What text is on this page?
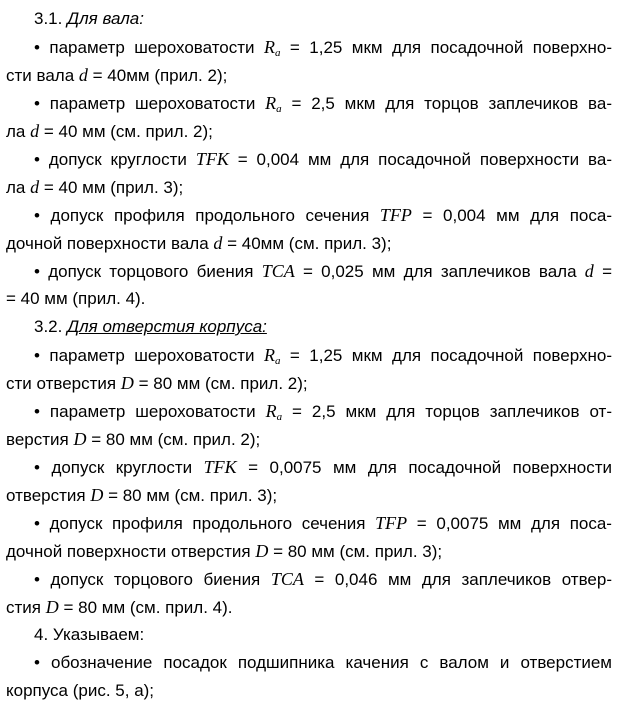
3.1. Для вала:
• параметр шероховатости $R_a = 1,25$ мкм для посадочной поверхно-
сти вала d = 40мм (прил. 2);
• параметр шероховатости $R_a = 2,5$ мкм для торцов заплечиков ва-
ла d = 40 мм (см. прил. 2);
• допуск круглости TFK = 0,004 мм для посадочной поверхности ва-
ла d = 40 мм (прил. 3);
• допуск профиля продольного сечения TFP = 0,004 мм для поса-
дочной поверхности вала d = 40мм (см. прил. 3);
• допуск торцового биения TCA = 0,025 мм для заплечиков вала d =
= 40 мм (прил. 4).
3.2. Для отверстия корпуса:
• параметр шероховатости $R_a = 1,25$ мкм для посадочной поверхно-
сти отверстия D = 80 мм (см. прил. 2);
• параметр шероховатости $R_a = 2,5$ мкм для торцов заплечиков от-
верстия D = 80 мм (см. прил. 2);
• допуск круглости TFK = 0,0075 мм для посадочной поверхности
отверстия D = 80 мм (см. прил. 3);
• допуск профиля продольного сечения TFP = 0,0075 мм для поса-
дочной поверхности отверстия D = 80 мм (см. прил. 3);
• допуск торцового биения TCA = 0,046 мм для заплечиков отвер-
стия D = 80 мм (см. прил. 4).
4. Указываем:
• обозначение посадок подшипника качения с валом и отверстием
корпуса (рис. 5, а);
